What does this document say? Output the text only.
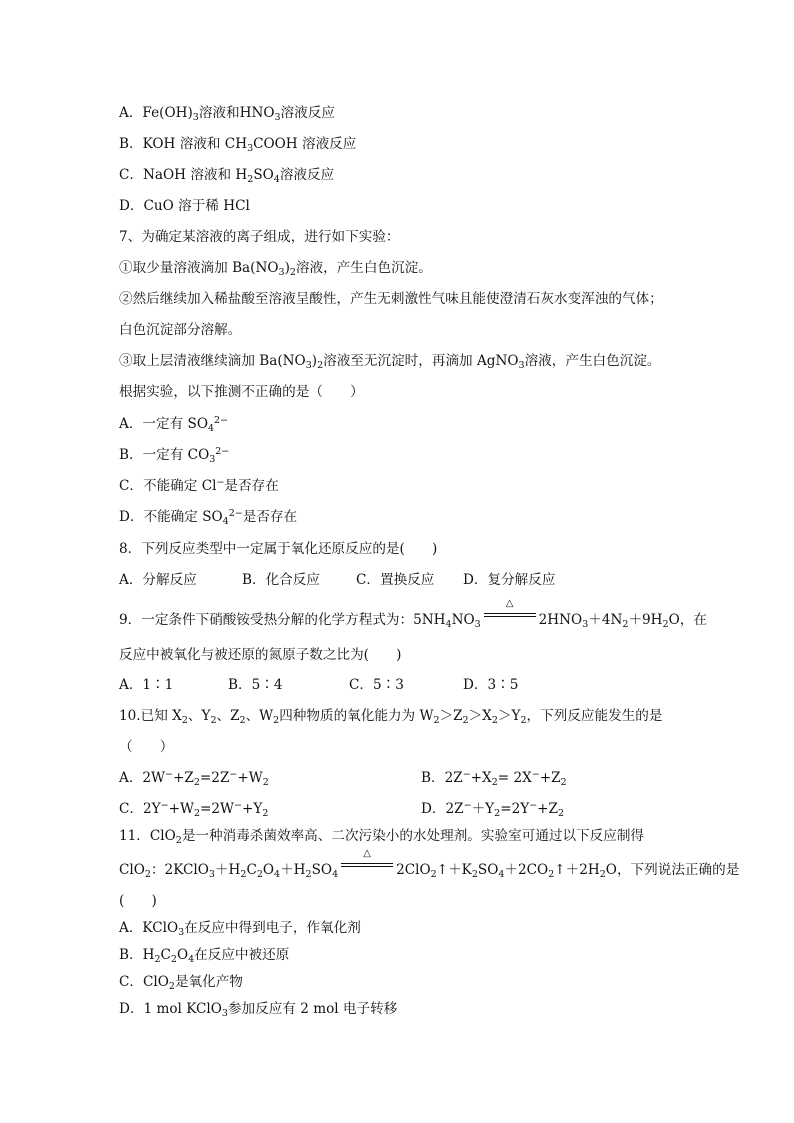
A．$Fe(OH)_3$溶液和$HNO_3$溶液反应
B．KOH 溶液和 $CH_3COOH$ 溶液反应
C．NaOH 溶液和 $H_2SO_4$溶液反应
D．CuO 溶于稀 HCl
7、为确定某溶液的离子组成，进行如下实验：
①取少量溶液滴加 $Ba(NO_3)_2$溶液，产生白色沉淀。
②然后继续加入稀盐酸至溶液呈酸性，产生无刺激性气味且能使澄清石灰水变浑浊的气体；
白色沉淀部分溶解。
③取上层清液继续滴加 $Ba(NO_3)_2$溶液至无沉淀时，再滴加 AgNO$_3$溶液，产生白色沉淀。
根据实验，以下推测不正确的是（　　）
A．一定有 $SO_4^{2-}$
B．一定有 $CO_3^{2-}$
C．不能确定 Cl−是否存在
D．不能确定 $SO_4^{2-}$是否存在
8．下列反应类型中一定属于氧化还原反应的是(　　)
A．分解反应	B．化合反应	C．置换反应 D．复分解反应
9．一定条件下硝酸铵受热分解的化学方程式为：$5NH_4NO_3$
△
$2HNO_3+4N_2+9H_2O$，在
反应中被氧化与被还原的氮原子数之比为(　　)
A．1∶1	B．5∶4	C．5∶3	D．3∶5
10.已知 $X_2$、$Y_2$、$Z_2$、$W_2$四种物质的氧化能力为 $W_2>Z_2>X_2>Y_2$，下列反应能发生的是
（　　）
A．$2W^-+Z_2=2Z^-+W_2$	B．$2Z^-+X_2= 2X^-+Z_2$
C．$2Y^-+W_2=2W^-+Y_2$	D．$2Z^-+Y_2=2Y^-+Z_2$
11．ClO$_2$是一种消毒杀菌效率高、二次污染小的水处理剂。实验室可通过以下反应制得
ClO$_2$：$2KClO_3+H_2C_2O_4+H_2SO_4$
△
$2ClO_2↑+K_2SO_4+2CO_2↑+2H_2O$，下列说法正确的是
(　　)
A．KClO$_3$在反应中得到电子，作氧化剂
B．$H_2C_2O_4$在反应中被还原
C．ClO$_2$是氧化产物
D．1 mol KClO$_3$参加反应有 2 mol 电子转移
